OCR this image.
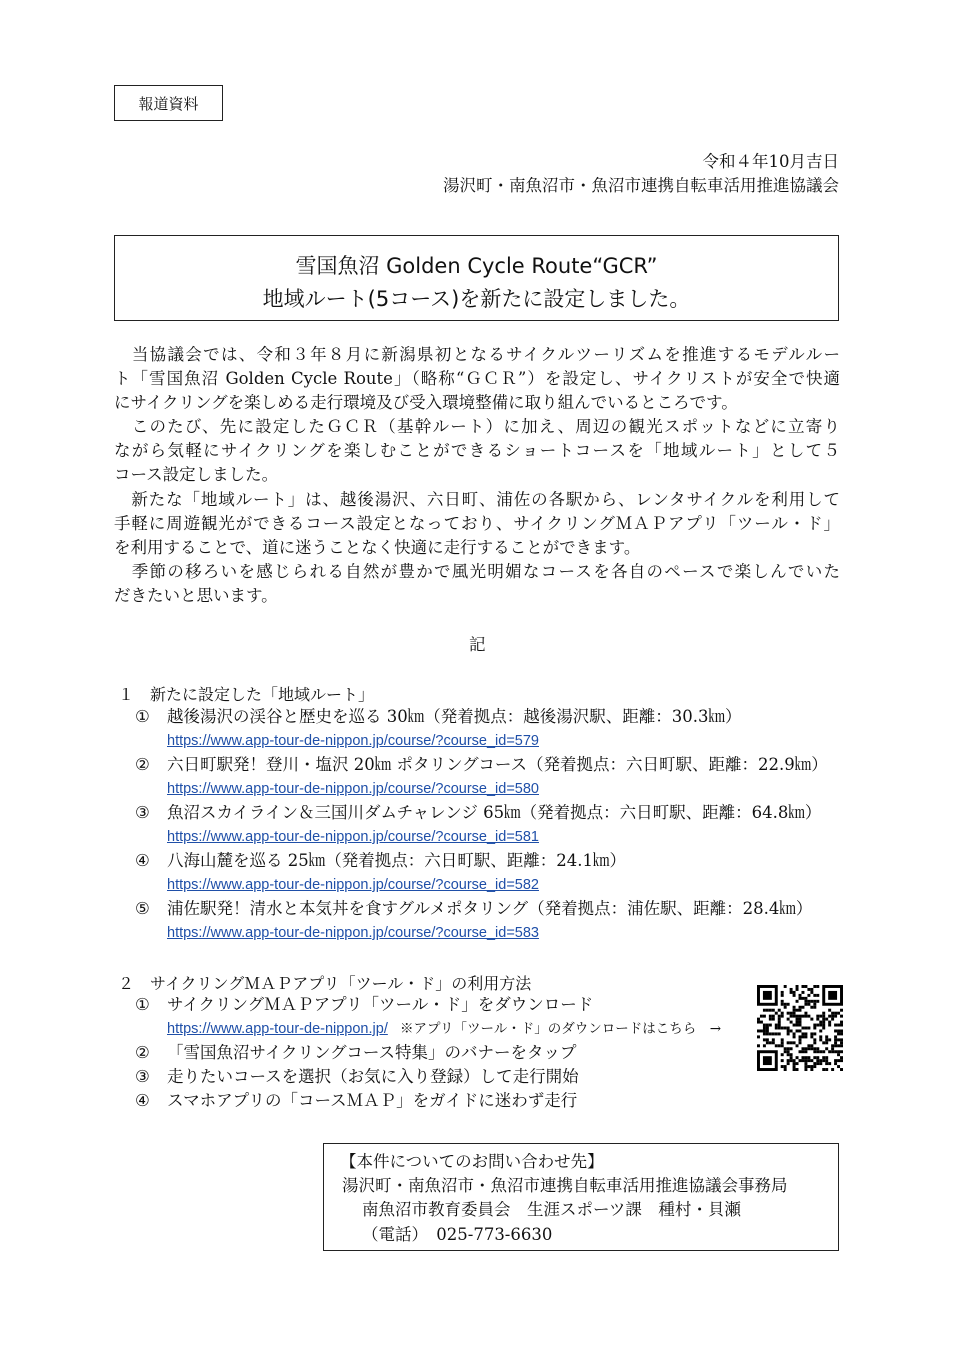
報道資料
令和４年10月吉日
湯沢町・南魚沼市・魚沼市連携自転車活用推進協議会
雪国魚沼 Golden Cycle Route“GCR”
地域ルート(5コース)を新たに設定しました。
　当協議会では、令和３年８月に新潟県初となるサイクルツーリズムを推進するモデルルー
ト「雪国魚沼 Golden Cycle Route」（略称“ＧＣＲ”）を設定し、サイクリストが安全で快適
にサイクリングを楽しめる走行環境及び受入環境整備に取り組んでいるところです。
　このたび、先に設定したＧＣＲ（基幹ルート）に加え、周辺の観光スポットなどに立寄り
ながら気軽にサイクリングを楽しむことができるショートコースを「地域ルート」として５
コース設定しました。
　新たな「地域ルート」は、越後湯沢、六日町、浦佐の各駅から、レンタサイクルを利用して
手軽に周遊観光ができるコース設定となっており、サイクリングＭＡＰアプリ「ツール・ド」
を利用することで、道に迷うことなく快適に走行することができます。
　季節の移ろいを感じられる自然が豊かで風光明媚なコースを各自のペースで楽しんでいた
だきたいと思います。
記
１　新たに設定した「地域ルート」
① 越後湯沢の渓谷と歴史を巡る 30㎞（発着拠点：越後湯沢駅、距離：30.3㎞）
https://www.app-tour-de-nippon.jp/course/?course_id=579
② 六日町駅発！登川・塩沢 20㎞ ポタリングコース（発着拠点：六日町駅、距離：22.9㎞）
https://www.app-tour-de-nippon.jp/course/?course_id=580
③ 魚沼スカイライン＆三国川ダムチャレンジ 65㎞（発着拠点：六日町駅、距離：64.8㎞）
https://www.app-tour-de-nippon.jp/course/?course_id=581
④ 八海山麓を巡る 25㎞（発着拠点：六日町駅、距離：24.1㎞）
https://www.app-tour-de-nippon.jp/course/?course_id=582
⑤ 浦佐駅発！清水と本気丼を食すグルメポタリング（発着拠点：浦佐駅、距離：28.4㎞）
https://www.app-tour-de-nippon.jp/course/?course_id=583
２　サイクリングＭＡＰアプリ「ツール・ド」の利用方法
① サイクリングＭＡＰアプリ「ツール・ド」をダウンロード
https://www.app-tour-de-nippon.jp/ ※アプリ「ツール・ド」のダウンロードはこちら　→
② 「雪国魚沼サイクリングコース特集」のバナーをタップ
③ 走りたいコースを選択（お気に入り登録）して走行開始
④ スマホアプリの「コースＭＡＰ」をガイドに迷わず走行
【本件についてのお問い合わせ先】
湯沢町・南魚沼市・魚沼市連携自転車活用推進協議会事務局
南魚沼市教育委員会　生涯スポーツ課　種村・貝瀬
（電話）　025-773-6630
